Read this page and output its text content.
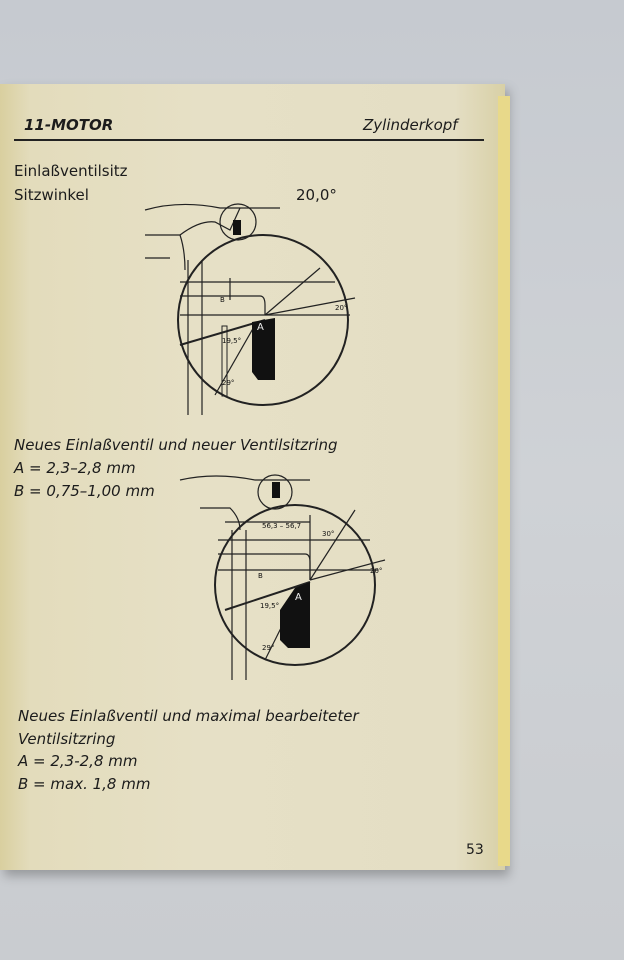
11-MOTOR	Zylinderkopf
Einlaßventilsitz
Sitzwinkel	20,0°
B
A
20°
19,5°
29°
Neues Einlaßventil und neuer Ventilsitzring
A = 2,3–2,8 mm
B = 0,75–1,00 mm
56,3 – 56,7
30°
B
A
20°
19,5°
29°
Neues Einlaßventil und maximal bearbeiteter
Ventilsitzring
A = 2,3-2,8 mm
B = max. 1,8 mm
53
